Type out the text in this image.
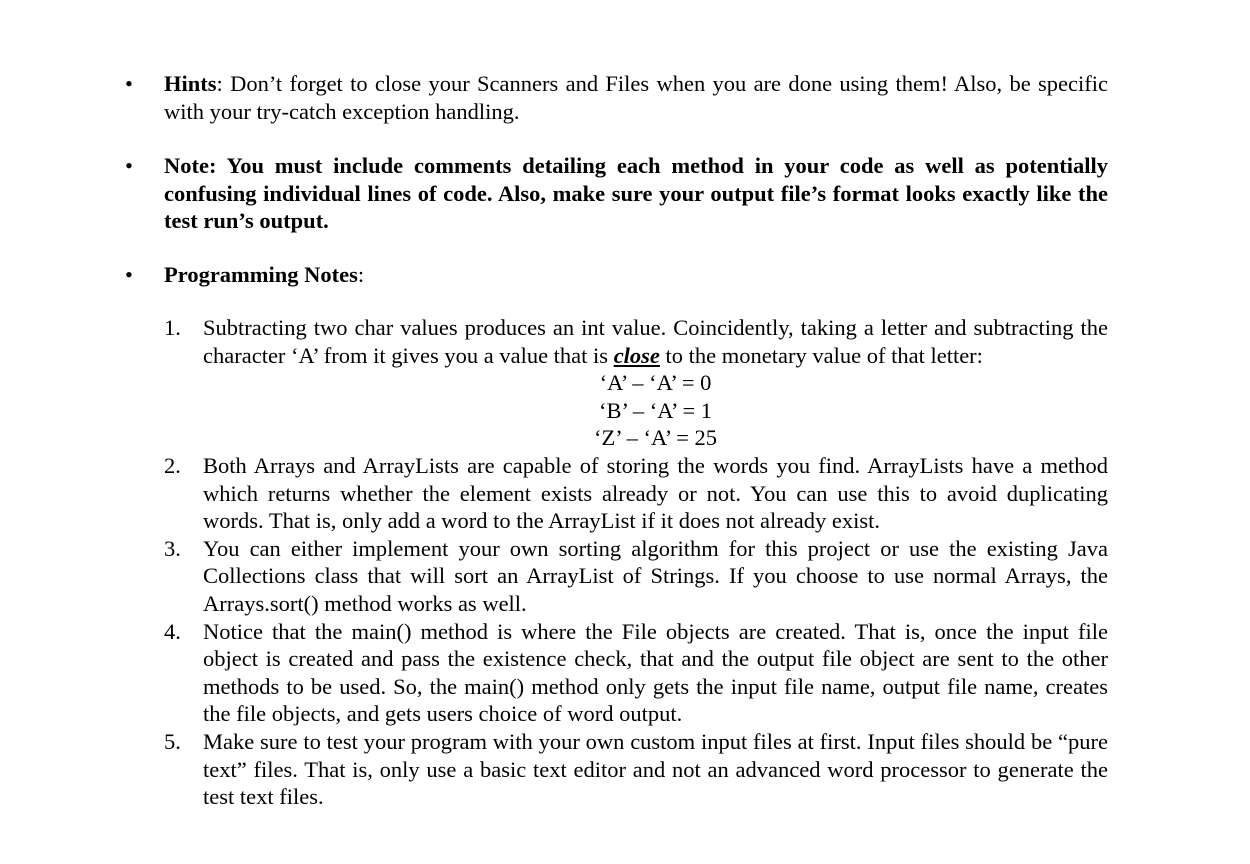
• Hints: Don’t forget to close your Scanners and Files when you are done using them! Also, be specific with your try-catch exception handling.
• Note: You must include comments detailing each method in your code as well as potentially confusing individual lines of code. Also, make sure your output file’s format looks exactly like the test run’s output.
• Programming Notes:
1. Subtracting two char values produces an int value. Coincidently, taking a letter and subtracting the character ‘A’ from it gives you a value that is close to the monetary value of that letter:
‘A’ – ‘A’ = 0
‘B’ – ‘A’ = 1
‘Z’ – ‘A’ = 25
2. Both Arrays and ArrayLists are capable of storing the words you find. ArrayLists have a method which returns whether the element exists already or not. You can use this to avoid duplicating words. That is, only add a word to the ArrayList if it does not already exist.
3. You can either implement your own sorting algorithm for this project or use the existing Java Collections class that will sort an ArrayList of Strings. If you choose to use normal Arrays, the Arrays.sort() method works as well.
4. Notice that the main() method is where the File objects are created. That is, once the input file object is created and pass the existence check, that and the output file object are sent to the other methods to be used. So, the main() method only gets the input file name, output file name, creates the file objects, and gets users choice of word output.
5. Make sure to test your program with your own custom input files at first. Input files should be “pure text” files. That is, only use a basic text editor and not an advanced word processor to generate the test text files.
